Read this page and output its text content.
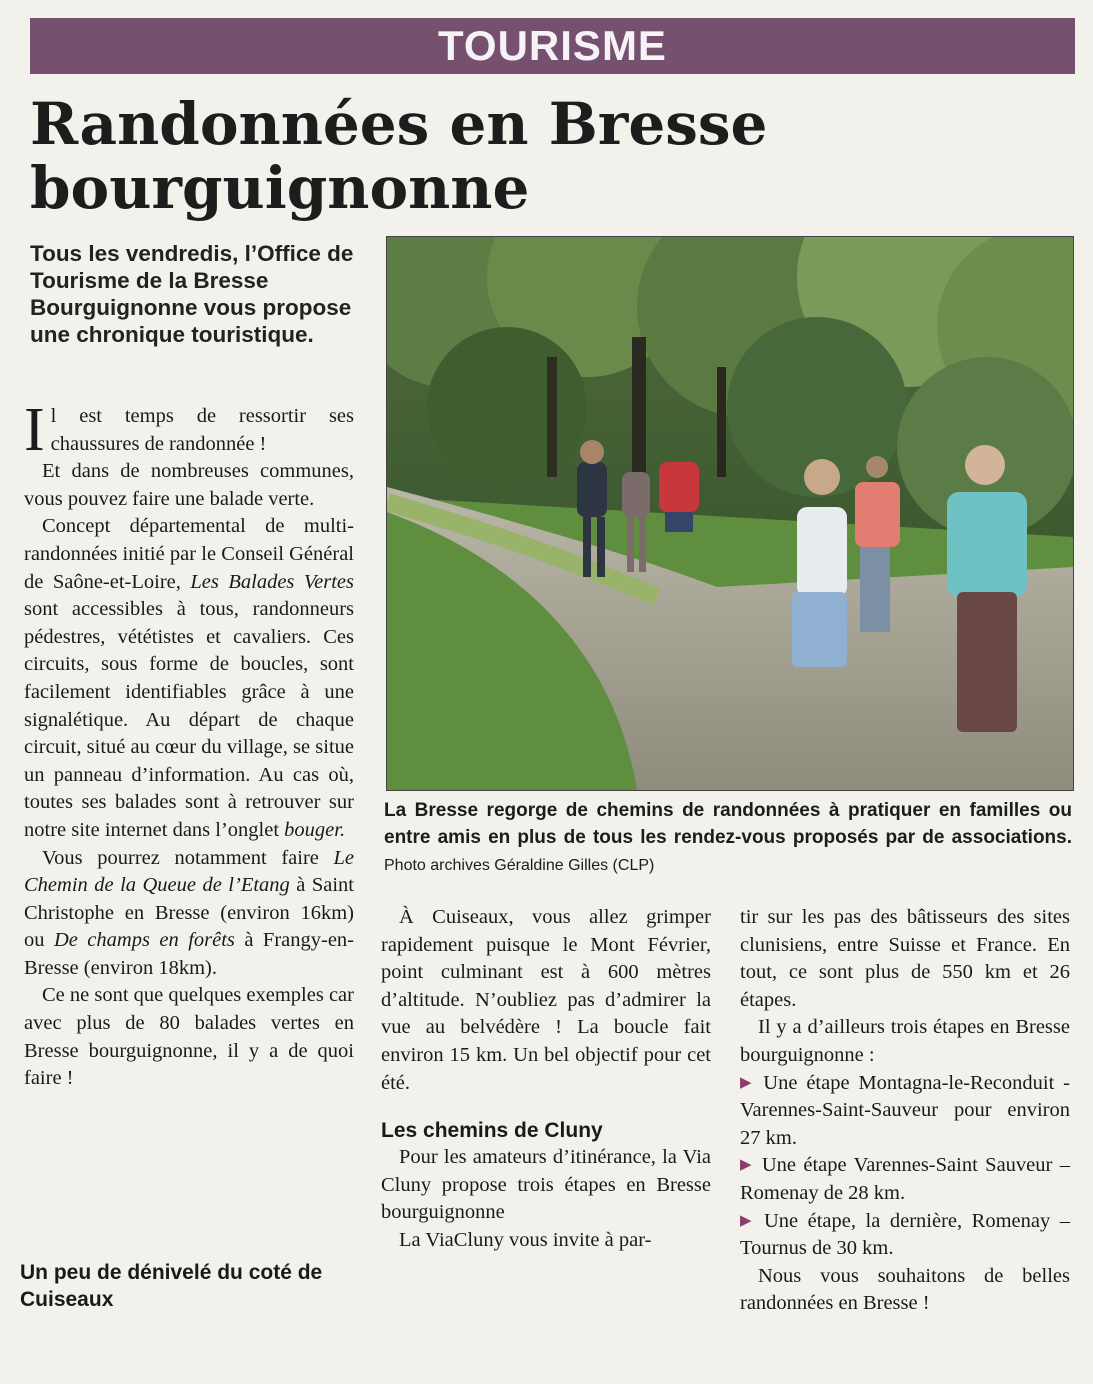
TOURISME
Randonnées en Bresse
bourguignonne

Tous les vendredis, l’Office de Tourisme de la Bresse Bourguignonne vous propose une chronique touristique.

La Bresse regorge de chemins de randonnées à pratiquer en familles ou entre amis en plus de tous les rendez-vous proposés par de associations. Photo archives Géraldine Gilles (CLP)

Il est temps de ressortir ses chaussures de randonnée !

Et dans de nombreuses communes, vous pouvez faire une balade verte.

Concept départemental de multi-randonnées initié par le Conseil Général de Saône-et-Loire, Les Balades Vertes sont accessibles à tous, randonneurs pédestres, vététistes et cavaliers. Ces circuits, sous forme de boucles, sont facilement identifiables grâce à une signalétique. Au départ de chaque circuit, situé au cœur du village, se situe un panneau d’information. Au cas où, toutes ses balades sont à retrouver sur notre site internet dans l’onglet bouger.

Vous pourrez notamment faire Le Chemin de la Queue de l’Etang à Saint Christophe en Bresse (environ 16km) ou De champs en forêts à Frangy-en-Bresse (environ 18km).

Ce ne sont que quelques exemples car avec plus de 80 balades vertes en Bresse bourguignonne, il y a de quoi faire !

Un peu de dénivelé du coté de Cuiseaux

À Cuiseaux, vous allez grimper rapidement puisque le Mont Février, point culminant est à 600 mètres d’altitude. N’oubliez pas d’admirer la vue au belvédère ! La boucle fait environ 15 km. Un bel objectif pour cet été.

Les chemins de Cluny

Pour les amateurs d’itinérance, la Via Cluny propose trois étapes en Bresse bourguignonne

La ViaCluny vous invite à par-

tir sur les pas des bâtisseurs des sites clunisiens, entre Suisse et France. En tout, ce sont plus de 550 km et 26 étapes.

Il y a d’ailleurs trois étapes en Bresse bourguignonne :

▶ Une étape Montagna-le-Reconduit - Varennes-Saint-Sauveur pour environ 27 km.

▶ Une étape Varennes-Saint Sauveur – Romenay de 28 km.

▶ Une étape, la dernière, Romenay – Tournus de 30 km.

Nous vous souhaitons de belles randonnées en Bresse !
